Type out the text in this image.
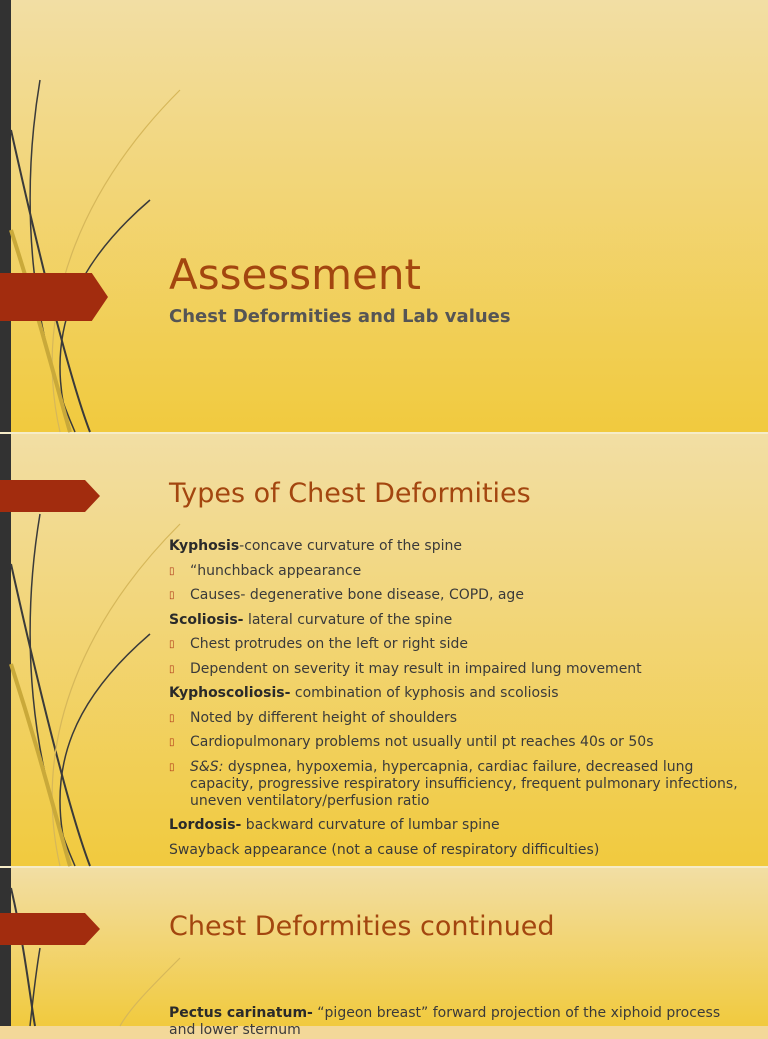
Assessment
Chest Deformities and Lab values
Types of Chest Deformities
Kyphosis-concave curvature of the spine
▯ “hunchback appearance
▯ Causes- degenerative bone disease, COPD, age
Scoliosis- lateral curvature of the spine
▯ Chest protrudes on the left or right side
▯ Dependent on severity it may result in impaired lung movement
Kyphoscoliosis- combination of kyphosis and scoliosis
▯ Noted by different height of shoulders
▯ Cardiopulmonary problems not usually until pt reaches 40s or 50s
▯ S&S: dyspnea, hypoxemia, hypercapnia, cardiac failure, decreased lung capacity, progressive respiratory insufficiency, frequent pulmonary infections, uneven ventilatory/perfusion ratio
Lordosis- backward curvature of lumbar spine
Swayback appearance (not a cause of respiratory difficulties)
Chest Deformities continued
Pectus carinatum- “pigeon breast” forward projection of the xiphoid process and lower sternum
